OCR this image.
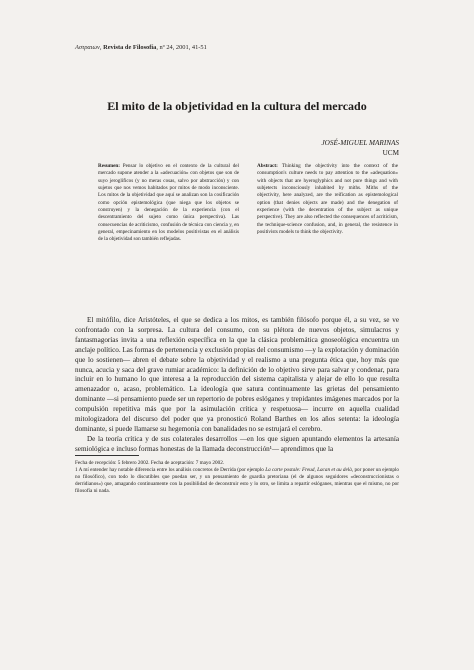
Αστραιων, Revista de Filosofía, nº 24, 2001, 41-51
El mito de la objetividad en la cultura del mercado
JOSÉ-MIGUEL MARINAS
UCM
Resumen: Pensar lo objetivo en el contexto de la cultural del mercado supone atender a la «adecuación» con objetos que son de suyo jeroglíficos (y no meras cosas, salvo por abstracción) y con sujetos que nos vemos habitados por mitos de modo inconsciente. Los mitos de la objetividad que aquí se analizan son la cosificación como opción epistemológica (que niega que los objetos se construyen) y la denegación de la experiencia (con el descentramiento del sujeto como única perspectiva). Las consecuencias de acriticismo, confusión de técnica con ciencia y, en general, empecinamiento en los modelos positivistas en el análisis de la objetividad son también reflejadas.
Abstract: Thinking the objectivity into the context of the consumption's culture needs to pay attention to the «adequation» with objects that are hyeroglyphics and not pure things and with subjetects inconsciously inhabited by miths. Miths of the objectivity, here analyzed, are the reification as epistemological option (that denies objects are made) and the denegation of experience (with the decentration of the subject as unique perspective). They are also reflected the consequences of acriticism, the technique-science confusion, and, in general, the resistence in positivists models to think the objectivity.

El mitófilo, dice Aristóteles, el que se dedica a los mitos, es también filósofo porque él, a su vez, se ve confrontado con la sorpresa. La cultura del consumo, con su plétora de nuevos objetos, simulacros y fantasmagorías invita a una reflexión específica en la que la clásica problemática gnoseológica encuentra un anclaje político. Las formas de pertenencia y exclusión propias del consumismo —y la explotación y dominación que lo sostienen— abren el debate sobre la objetividad y el realismo a una pregunta ética que, hoy más que nunca, acucia y saca del grave rumiar académico: la definición de lo objetivo sirve para salvar y condenar, para incluir en lo humano lo que interesa a la reproducción del sistema capitalista y alejar de ello lo que resulta amenazador o, acaso, problemático. La ideología que satura continuamente las grietas del pensamiento dominante —si pensamiento puede ser un repertorio de pobres eslóganes y trepidantes imágenes marcados por la compulsión repetitiva más que por la asimulación crítica y respetuosa— incurre en aquella cualidad mitologizadora del discurso del poder que ya pronosticó Roland Barthes en los años setenta: la ideología dominante, si puede llamarse su hegemonía con banalidades no se estrujará el cerebro.

De la teoría crítica y de sus colaterales desarrollos —en los que siguen apuntando elementos la artesanía semiológica e incluso formas honestas de la llamada deconstrucción¹— aprendimos que la

Fecha de recepción: 5 febrero 2002. Fecha de aceptación: 7 mayo 2002.

1 A mí entender hay notable diferencia entre los análisis concretos de Derrida (por ejemplo La carte postale: Freud, Lacan et au delà, por poner un ejemplo no filosófico), con todo lo discutibles que puedan ser, y un pensamiento de guardia pretoriana (el de algunos seguidores «deconstruccionistas o derridianos») que, amagando continuamente con la posibilidad de deconstruir esto y lo otro, se limita a repartir eslóganes, mientras que el mismo, no por filosofía ni nada.
